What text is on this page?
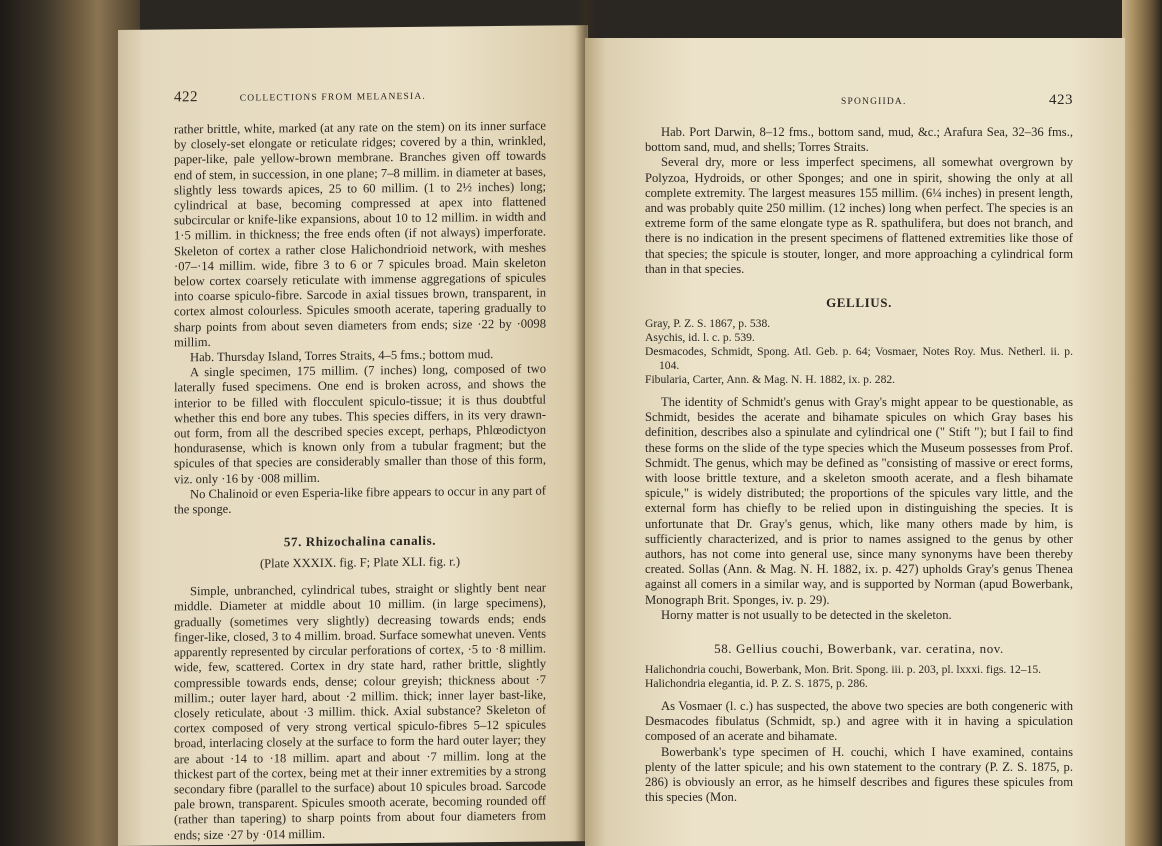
422	COLLECTIONS FROM MELANESIA.

rather brittle, white, marked (at any rate on the stem) on its inner surface by closely-set elongate or reticulate ridges; covered by a thin, wrinkled, paper-like, pale yellow-brown membrane. Branches given off towards end of stem, in succession, in one plane; 7–8 millim. in diameter at bases, slightly less towards apices, 25 to 60 millim. (1 to 2½ inches) long; cylindrical at base, becoming compressed at apex into flattened subcircular or knife-like expansions, about 10 to 12 millim. in width and 1·5 millim. in thickness; the free ends often (if not always) imperforate. Skeleton of cortex a rather close Halichondrioid network, with meshes ·07–·14 millim. wide, fibre 3 to 6 or 7 spicules broad. Main skeleton below cortex coarsely reticulate with immense aggregations of spicules into coarse spiculo-fibre. Sarcode in axial tissues brown, transparent, in cortex almost colourless. Spicules smooth acerate, tapering gradually to sharp points from about seven diameters from ends; size ·22 by ·0098 millim.

Hab. Thursday Island, Torres Straits, 4–5 fms.; bottom mud.

A single specimen, 175 millim. (7 inches) long, composed of two laterally fused specimens. One end is broken across, and shows the interior to be filled with flocculent spiculo-tissue; it is thus doubtful whether this end bore any tubes. This species differs, in its very drawn-out form, from all the described species except, perhaps, Phlœodictyon hondurasense, which is known only from a tubular fragment; but the spicules of that species are considerably smaller than those of this form, viz. only ·16 by ·008 millim.

No Chalinoid or even Esperia-like fibre appears to occur in any part of the sponge.

57. Rhizochalina canalis.
(Plate XXXIX. fig. F; Plate XLI. fig. r.)

Simple, unbranched, cylindrical tubes, straight or slightly bent near middle. Diameter at middle about 10 millim. (in large specimens), gradually (sometimes very slightly) decreasing towards ends; ends finger-like, closed, 3 to 4 millim. broad. Surface somewhat uneven. Vents apparently represented by circular perforations of cortex, ·5 to ·8 millim. wide, few, scattered. Cortex in dry state hard, rather brittle, slightly compressible towards ends, dense; colour greyish; thickness about ·7 millim.; outer layer hard, about ·2 millim. thick; inner layer bast-like, closely reticulate, about ·3 millim. thick. Axial substance? Skeleton of cortex composed of very strong vertical spiculo-fibres 5–12 spicules broad, interlacing closely at the surface to form the hard outer layer; they are about ·14 to ·18 millim. apart and about ·7 millim. long at the thickest part of the cortex, being met at their inner extremities by a strong secondary fibre (parallel to the surface) about 10 spicules broad. Sarcode pale brown, transparent. Spicules smooth acerate, becoming rounded off (rather than tapering) to sharp points from about four diameters from ends; size ·27 by ·014 millim.

SPONGIIDA.	423

Hab. Port Darwin, 8–12 fms., bottom sand, mud, &c.; Arafura Sea, 32–36 fms., bottom sand, mud, and shells; Torres Straits.

Several dry, more or less imperfect specimens, all somewhat overgrown by Polyzoa, Hydroids, or other Sponges; and one in spirit, showing the only at all complete extremity. The largest measures 155 millim. (6¼ inches) in present length, and was probably quite 250 millim. (12 inches) long when perfect. The species is an extreme form of the same elongate type as R. spathulifera, but does not branch, and there is no indication in the present specimens of flattened extremities like those of that species; the spicule is stouter, longer, and more approaching a cylindrical form than in that species.

GELLIUS.

Gray, P. Z. S. 1867, p. 538.

Asychis, id. l. c. p. 539.

Desmacodes, Schmidt, Spong. Atl. Geb. p. 64; Vosmaer, Notes Roy. Mus. Netherl. ii. p. 104.

Fibularia, Carter, Ann. & Mag. N. H. 1882, ix. p. 282.

The identity of Schmidt's genus with Gray's might appear to be questionable, as Schmidt, besides the acerate and bihamate spicules on which Gray bases his definition, describes also a spinulate and cylindrical one (" Stift "); but I fail to find these forms on the slide of the type species which the Museum possesses from Prof. Schmidt. The genus, which may be defined as "consisting of massive or erect forms, with loose brittle texture, and a skeleton smooth acerate, and a flesh bihamate spicule," is widely distributed; the proportions of the spicules vary little, and the external form has chiefly to be relied upon in distinguishing the species. It is unfortunate that Dr. Gray's genus, which, like many others made by him, is sufficiently characterized, and is prior to names assigned to the genus by other authors, has not come into general use, since many synonyms have been thereby created. Sollas (Ann. & Mag. N. H. 1882, ix. p. 427) upholds Gray's genus Thenea against all comers in a similar way, and is supported by Norman (apud Bowerbank, Monograph Brit. Sponges, iv. p. 29).

Horny matter is not usually to be detected in the skeleton.

58. Gellius couchi, Bowerbank, var. ceratina, nov.

Halichondria couchi, Bowerbank, Mon. Brit. Spong. iii. p. 203, pl. lxxxi. figs. 12–15.

Halichondria elegantia, id. P. Z. S. 1875, p. 286.

As Vosmaer (l. c.) has suspected, the above two species are both congeneric with Desmacodes fibulatus (Schmidt, sp.) and agree with it in having a spiculation composed of an acerate and bihamate.

Bowerbank's type specimen of H. couchi, which I have examined, contains plenty of the latter spicule; and his own statement to the contrary (P. Z. S. 1875, p. 286) is obviously an error, as he himself describes and figures these spicules from this species (Mon.
